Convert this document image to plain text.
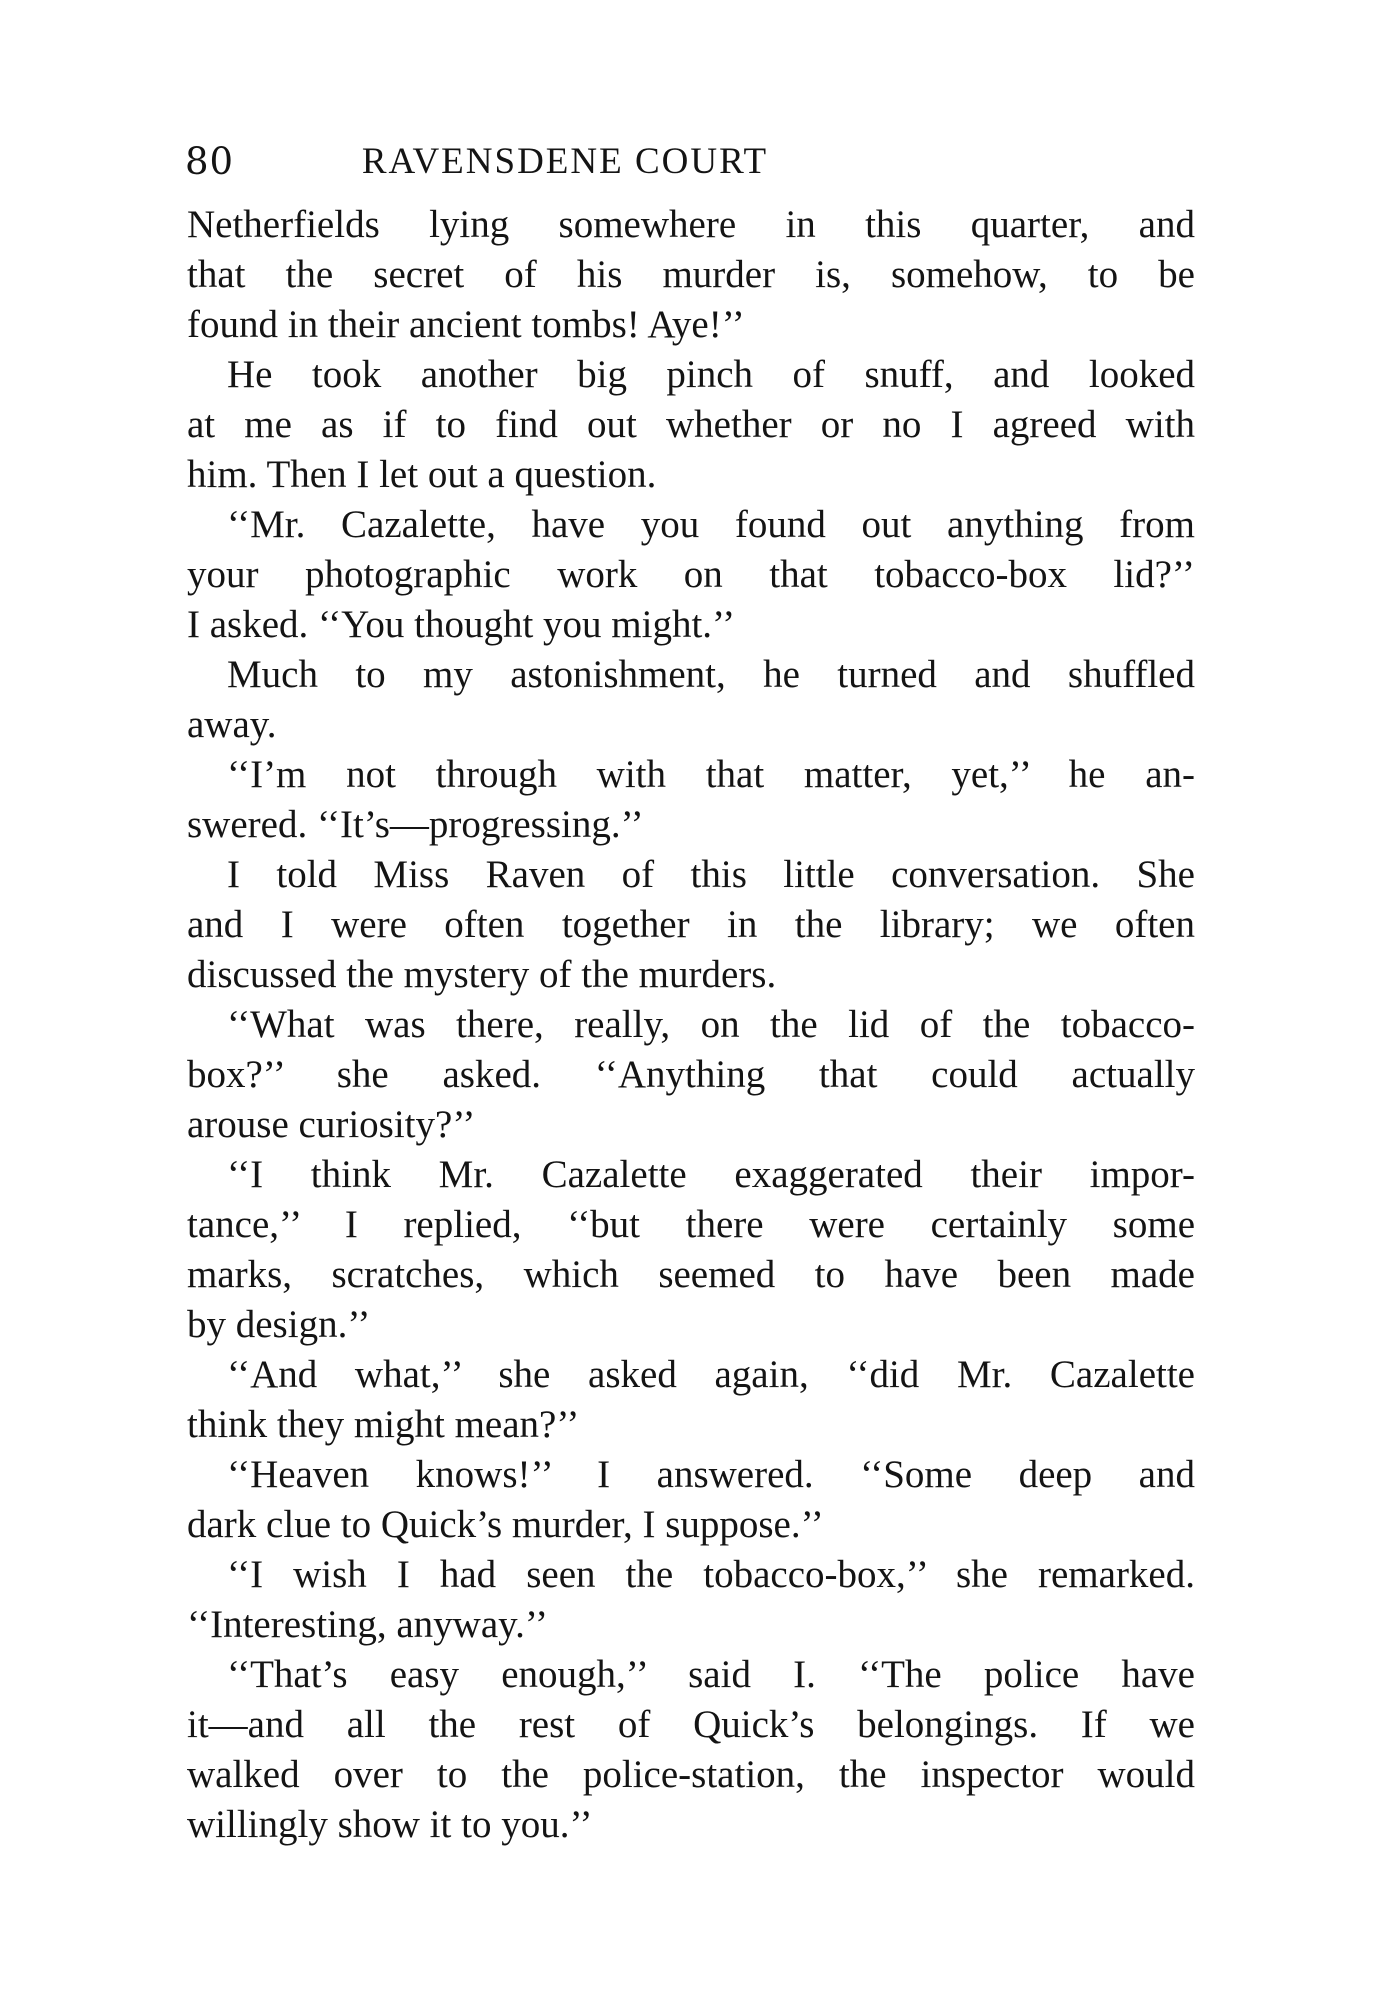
80	RAVENSDENE COURT
Netherfields lying somewhere in this quarter, and
that the secret of his murder is, somehow, to be
found in their ancient tombs! Aye!’’
He took another big pinch of snuff, and looked
at me as if to find out whether or no I agreed with
him. Then I let out a question.
‘‘Mr. Cazalette, have you found out anything from
your photographic work on that tobacco-box lid?’’
I asked. ‘‘You thought you might.’’
Much to my astonishment, he turned and shuffled
away.
‘‘I’m not through with that matter, yet,’’ he an-
swered. ‘‘It’s—progressing.’’
I told Miss Raven of this little conversation. She
and I were often together in the library; we often
discussed the mystery of the murders.
‘‘What was there, really, on the lid of the tobacco-
box?’’ she asked. ‘‘Anything that could actually
arouse curiosity?’’
‘‘I think Mr. Cazalette exaggerated their impor-
tance,’’ I replied, ‘‘but there were certainly some
marks, scratches, which seemed to have been made
by design.’’
‘‘And what,’’ she asked again, ‘‘did Mr. Cazalette
think they might mean?’’
‘‘Heaven knows!’’ I answered. ‘‘Some deep and
dark clue to Quick’s murder, I suppose.’’
‘‘I wish I had seen the tobacco-box,’’ she remarked.
‘‘Interesting, anyway.’’
‘‘That’s easy enough,’’ said I. ‘‘The police have
it—and all the rest of Quick’s belongings. If we
walked over to the police-station, the inspector would
willingly show it to you.’’
